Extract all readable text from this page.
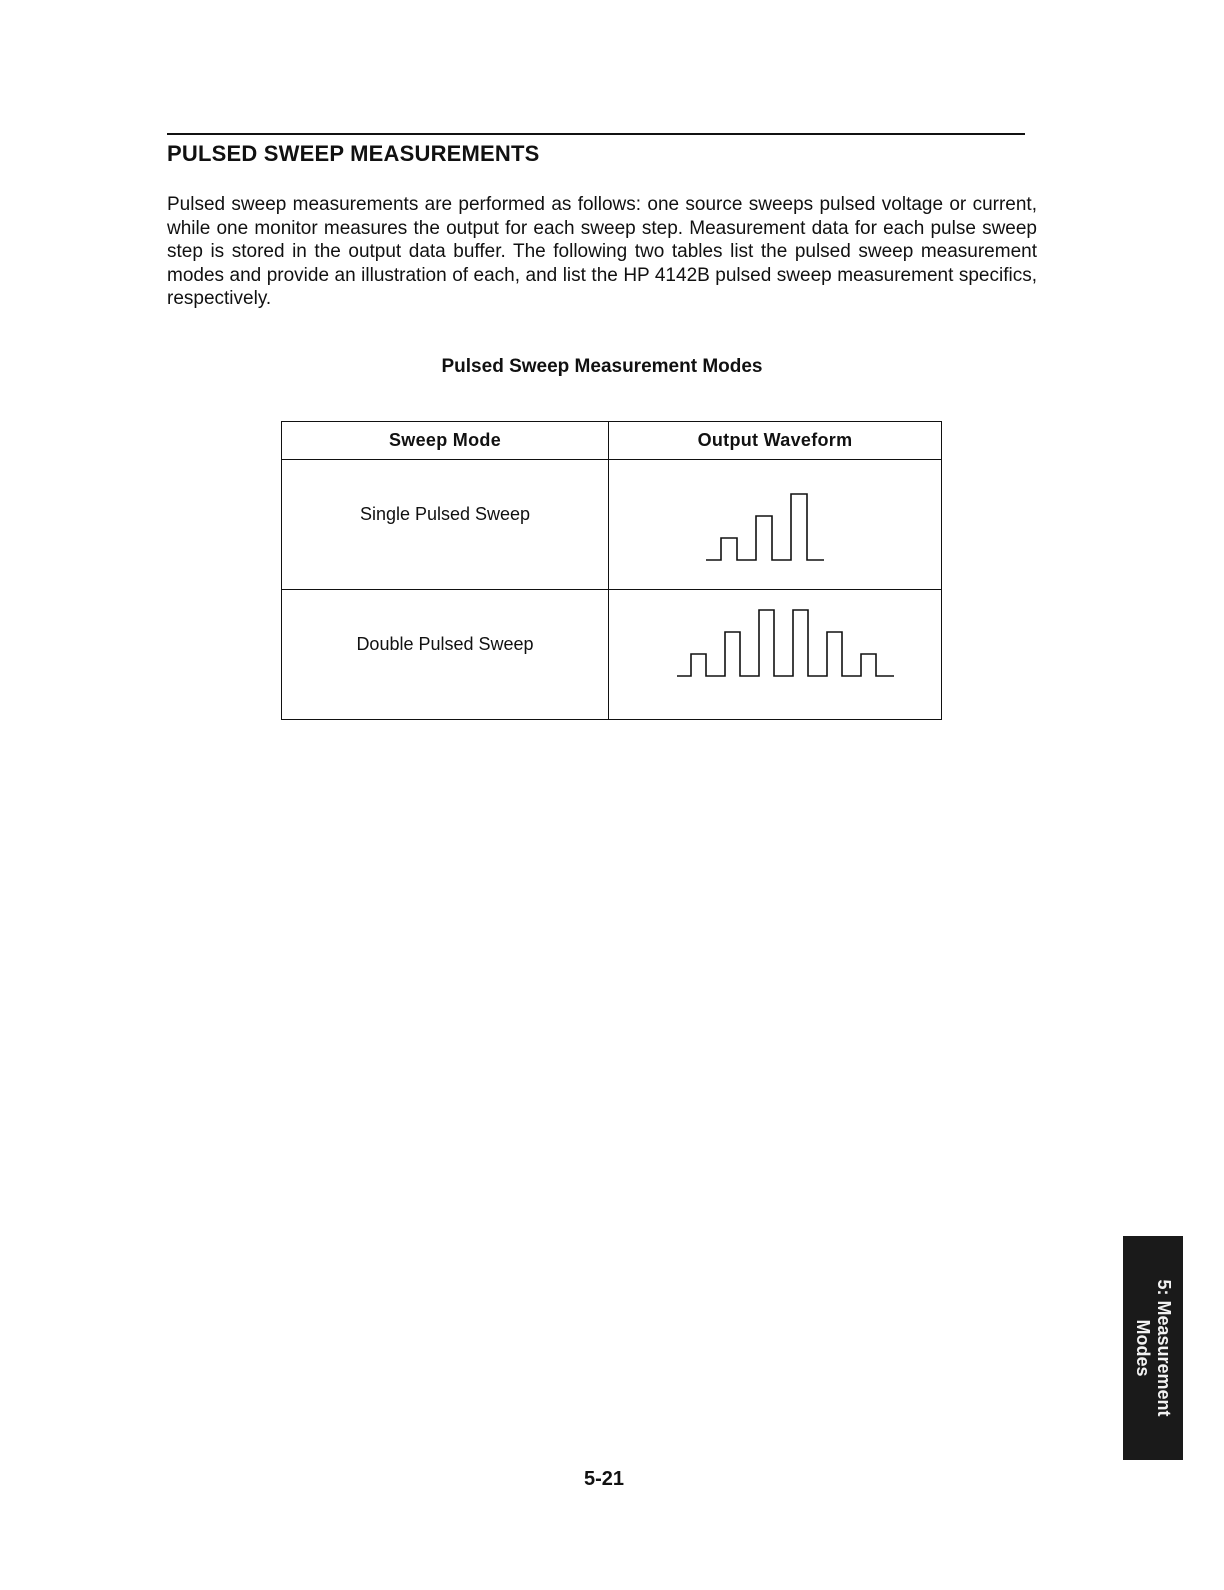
PULSED SWEEP MEASUREMENTS

Pulsed sweep measurements are performed as follows: one source sweeps pulsed voltage or current, while one monitor measures the output for each sweep step. Measurement data for each pulse sweep step is stored in the output data buffer. The following two tables list the pulsed sweep measurement modes and provide an illustration of each, and list the HP 4142B pulsed sweep measurement specifics, respectively.

Pulsed Sweep Measurement Modes
Sweep Mode	Output Waveform
Single Pulsed Sweep	

Double Pulsed Sweep	

5-21

5: Measurement
Modes
